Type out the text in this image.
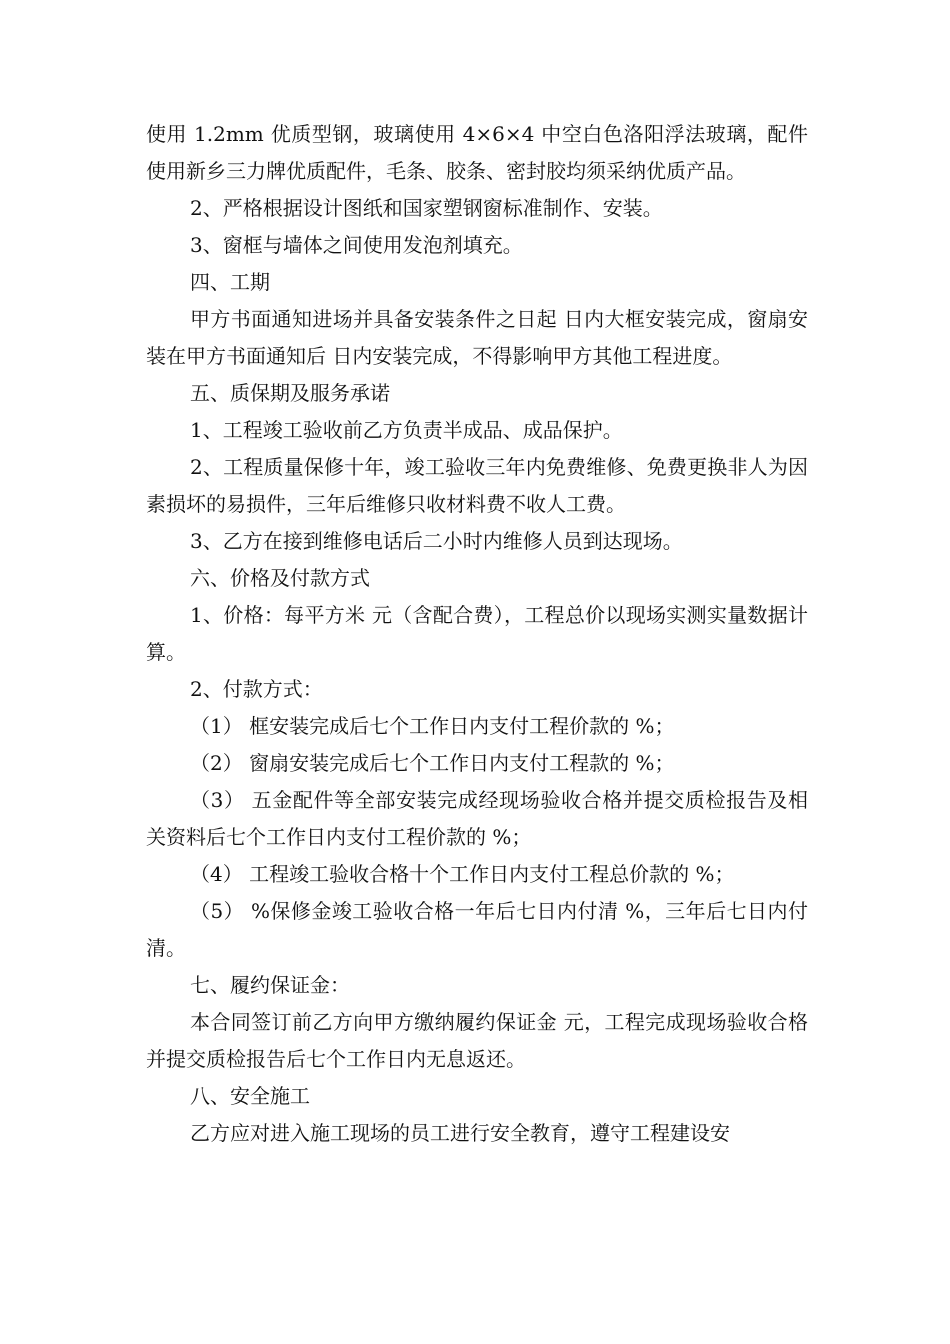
使用 1.2mm 优质型钢，玻璃使用 4×6×4 中空白色洛阳浮法玻璃，配件使用新乡三力牌优质配件，毛条、胶条、密封胶均须采纳优质产品。

2、严格根据设计图纸和国家塑钢窗标准制作、安装。

3、窗框与墙体之间使用发泡剂填充。

四、工期

甲方书面通知进场并具备安装条件之日起 日内大框安装完成，窗扇安装在甲方书面通知后 日内安装完成，不得影响甲方其他工程进度。

五、质保期及服务承诺

1、工程竣工验收前乙方负责半成品、成品保护。

2、工程质量保修十年，竣工验收三年内免费维修、免费更换非人为因素损坏的易损件，三年后维修只收材料费不收人工费。

3、乙方在接到维修电话后二小时内维修人员到达现场。

六、价格及付款方式

1、价格：每平方米 元（含配合费），工程总价以现场实测实量数据计算。

2、付款方式：

（1） 框安装完成后七个工作日内支付工程价款的 %；

（2） 窗扇安装完成后七个工作日内支付工程款的 %；

（3） 五金配件等全部安装完成经现场验收合格并提交质检报告及相关资料后七个工作日内支付工程价款的 %；

（4） 工程竣工验收合格十个工作日内支付工程总价款的 %；

（5） %保修金竣工验收合格一年后七日内付清 %，三年后七日内付清。

七、履约保证金：

本合同签订前乙方向甲方缴纳履约保证金 元，工程完成现场验收合格并提交质检报告后七个工作日内无息返还。

八、安全施工

乙方应对进入施工现场的员工进行安全教育，遵守工程建设安
